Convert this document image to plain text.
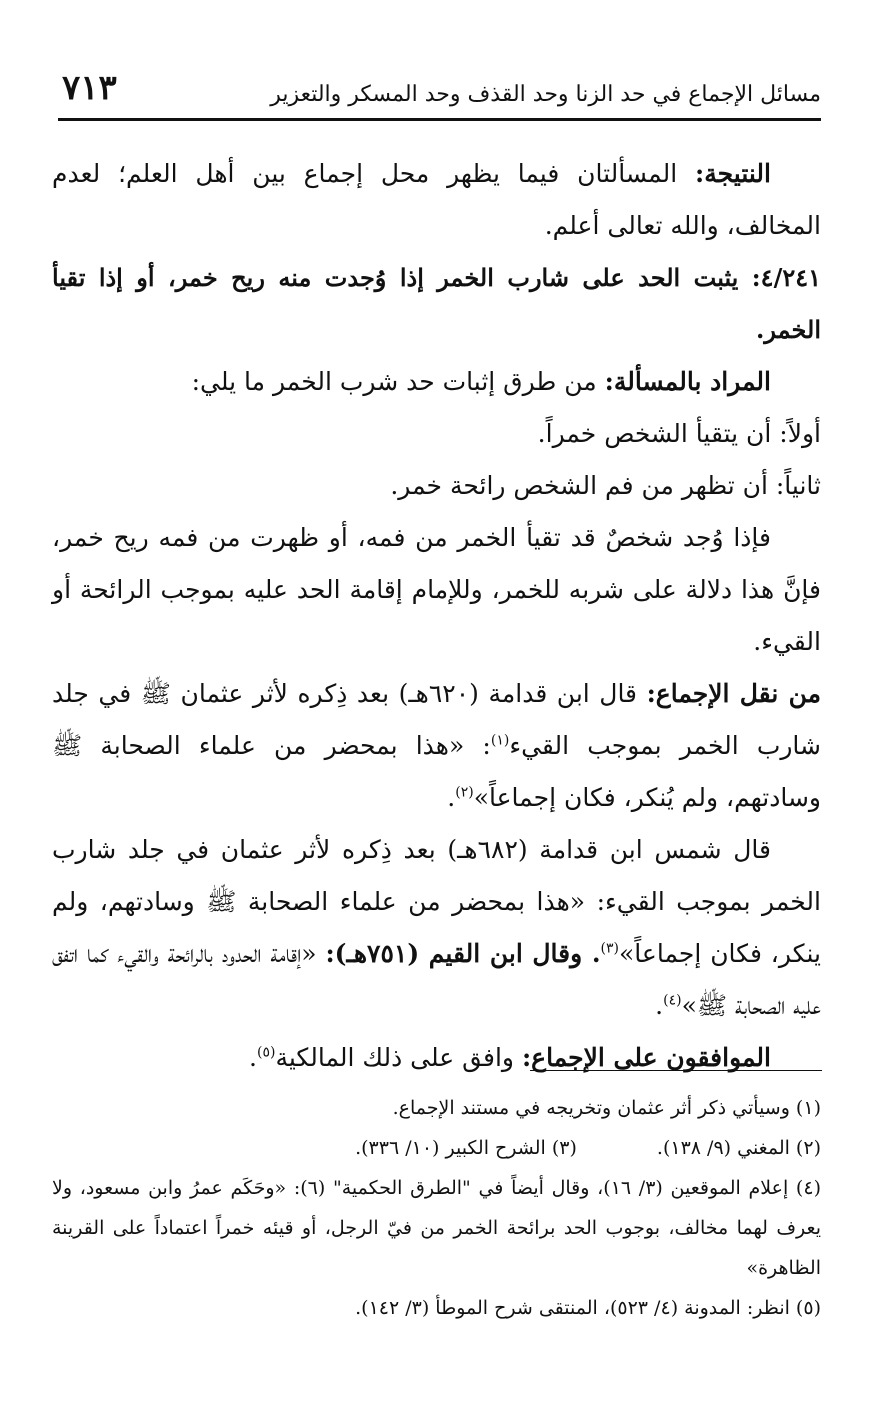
٧١٣	مسائل الإجماع في حد الزنا وحد القذف وحد المسكر والتعزير

النتيجة: المسألتان فيما يظهر محل إجماع بين أهل العلم؛ لعدم المخالف، والله تعالى أعلم.

٤/٢٤١: يثبت الحد على شارب الخمر إذا وُجدت منه ريح خمر، أو إذا تقيأ الخمر.

المراد بالمسألة: من طرق إثبات حد شرب الخمر ما يلي:

أولاً: أن يتقيأ الشخص خمراً.

ثانياً: أن تظهر من فم الشخص رائحة خمر.

فإذا وُجد شخصٌ قد تقيأ الخمر من فمه، أو ظهرت من فمه ريح خمر، فإنَّ هذا دلالة على شربه للخمر، وللإمام إقامة الحد عليه بموجب الرائحة أو القيء.

من نقل الإجماع: قال ابن قدامة (٦٢٠هـ) بعد ذِكره لأثر عثمان ﷺ في جلد شارب الخمر بموجب القيء$^{(١)}$: «هذا بمحضر من علماء الصحابة ﷺ وسادتهم، ولم يُنكر، فكان إجماعاً»$^{(٢)}$.

قال شمس ابن قدامة (٦٨٢هـ) بعد ذِكره لأثر عثمان في جلد شارب الخمر بموجب القيء: «هذا بمحضر من علماء الصحابة ﷺ وسادتهم، ولم ينكر، فكان إجماعاً»$^{(٣)}$. وقال ابن القيم (٧٥١هـ): «إقامة الحدود بالرائحة والقيء كما اتفق عليه الصحابة ﷺ»$^{(٤)}$.

الموافقون على الإجماع: وافق على ذلك المالكية$^{(٥)}$.

(١) وسيأتي ذكر أثر عثمان وتخريجه في مستند الإجماع.

(٢) المغني (٩/ ١٣٨).
(٣) الشرح الكبير (١٠/ ٣٣٦).

(٤) إعلام الموقعين (٣/ ١٦)، وقال أيضاً في "الطرق الحكمية" (٦): «وحَكَم عمرُ وابن مسعود، ولا يعرف لهما مخالف، بوجوب الحد برائحة الخمر من فيّ الرجل، أو قيئه خمراً اعتماداً على القرينة الظاهرة»

(٥) انظر: المدونة (٤/ ٥٢٣)، المنتقى شرح الموطأ (٣/ ١٤٢).
